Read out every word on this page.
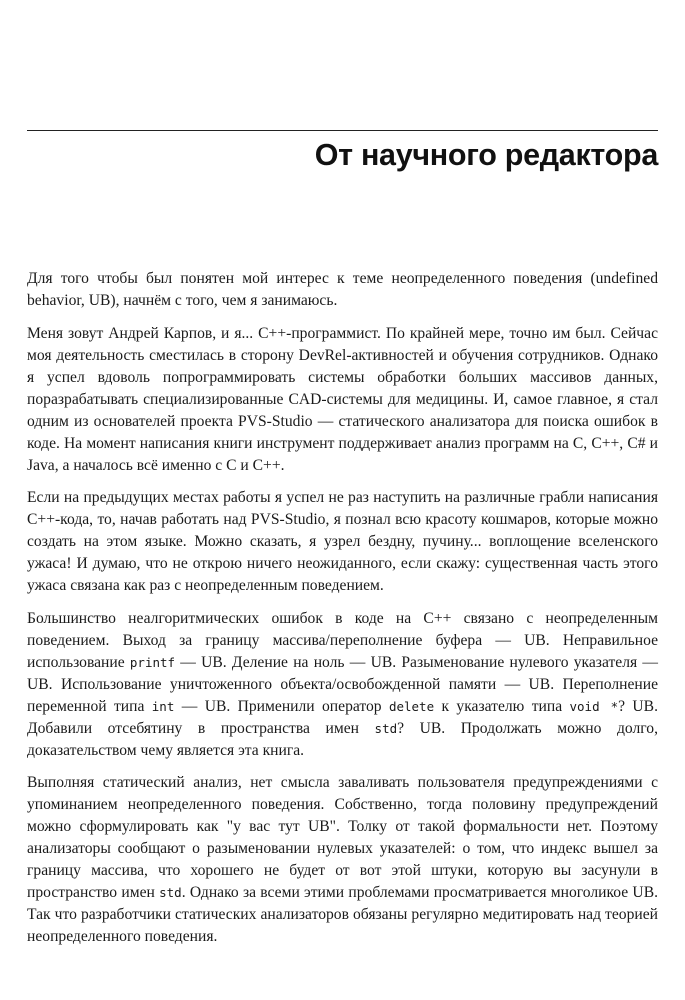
От научного редактора

Для того чтобы был понятен мой интерес к теме неопределенного поведения (undefined behavior, UB), начнём с того, чем я занимаюсь.

Меня зовут Андрей Карпов, и я... C++-программист. По крайней мере, точно им был. Сейчас моя деятельность сместилась в сторону DevRel-активностей и обучения сотрудников. Однако я успел вдоволь попрограммировать системы обработки больших массивов данных, поразрабатывать специализированные CAD-системы для медицины. И, самое главное, я стал одним из основателей проекта PVS-Studio — статического анализатора для поиска ошибок в коде. На момент написания книги инструмент поддерживает анализ программ на C, C++, C# и Java, а началось всё именно с C и C++.

Если на предыдущих местах работы я успел не раз наступить на различные грабли написания C++-кода, то, начав работать над PVS-Studio, я познал всю красоту кошмаров, которые можно создать на этом языке. Можно сказать, я узрел бездну, пучину... воплощение вселенского ужаса! И думаю, что не открою ничего неожиданного, если скажу: существенная часть этого ужаса связана как раз с неопределенным поведением.

Большинство неалгоритмических ошибок в коде на C++ связано с неопределенным поведением. Выход за границу массива/переполнение буфера — UB. Неправильное использование printf — UB. Деление на ноль — UB. Разыменование нулевого указателя — UB. Использование уничтоженного объекта/освобожденной памяти — UB. Переполнение переменной типа int — UB. Применили оператор delete к указателю типа void *? UB. Добавили отсебятину в пространства имен std? UB. Продолжать можно долго, доказательством чему является эта книга.

Выполняя статический анализ, нет смысла заваливать пользователя предупреждениями с упоминанием неопределенного поведения. Собственно, тогда половину предупреждений можно сформулировать как "у вас тут UB". Толку от такой формальности нет. Поэтому анализаторы сообщают о разыменовании нулевых указателей: о том, что индекс вышел за границу массива, что хорошего не будет от вот этой штуки, которую вы засунули в пространство имен std. Однако за всеми этими проблемами просматривается многоликое UB. Так что разработчики статических анализаторов обязаны регулярно медитировать над теорией неопределенного поведения.
